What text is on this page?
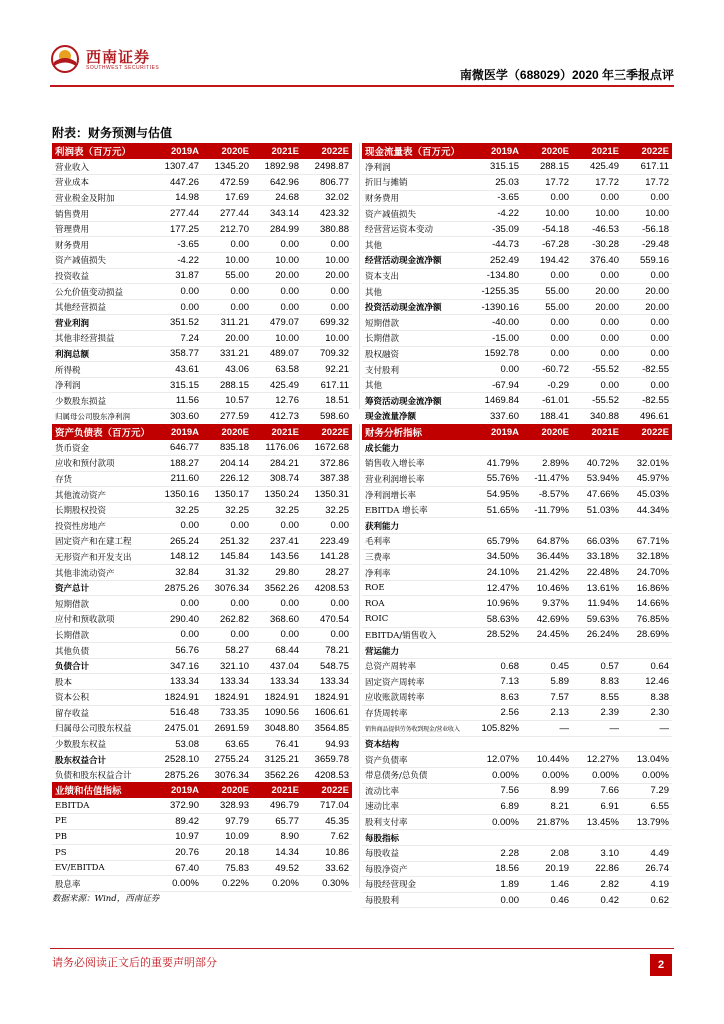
西南证券
SOUTHWEST SECURITIES	南微医学（688029）2020 年三季报点评
附表：财务预测与估值
利润表（百万元）	2019A	2020E	2021E	2022E
营业收入	1307.47	1345.20	1892.98	2498.87
营业成本	447.26	472.59	642.96	806.77
营业税金及附加	14.98	17.69	24.68	32.02
销售费用	277.44	277.44	343.14	423.32
管理费用	177.25	212.70	284.99	380.88
财务费用	-3.65	0.00	0.00	0.00
资产减值损失	-4.22	10.00	10.00	10.00
投资收益	31.87	55.00	20.00	20.00
公允价值变动损益	0.00	0.00	0.00	0.00
其他经营损益	0.00	0.00	0.00	0.00
营业利润	351.52	311.21	479.07	699.32
其他非经营损益	7.24	20.00	10.00	10.00
利润总额	358.77	331.21	489.07	709.32
所得税	43.61	43.06	63.58	92.21
净利润	315.15	288.15	425.49	617.11
少数股东损益	11.56	10.57	12.76	18.51
归属母公司股东净利润	303.60	277.59	412.73	598.60
现金流量表（百万元）	2019A	2020E	2021E	2022E
净利润	315.15	288.15	425.49	617.11
折旧与摊销	25.03	17.72	17.72	17.72
财务费用	-3.65	0.00	0.00	0.00
资产减值损失	-4.22	10.00	10.00	10.00
经营营运资本变动	-35.09	-54.18	-46.53	-56.18
其他	-44.73	-67.28	-30.28	-29.48
经营活动现金流净额	252.49	194.42	376.40	559.16
资本支出	-134.80	0.00	0.00	0.00
其他	-1255.35	55.00	20.00	20.00
投资活动现金流净额	-1390.16	55.00	20.00	20.00
短期借款	-40.00	0.00	0.00	0.00
长期借款	-15.00	0.00	0.00	0.00
股权融资	1592.78	0.00	0.00	0.00
支付股利	0.00	-60.72	-55.52	-82.55
其他	-67.94	-0.29	0.00	0.00
筹资活动现金流净额	1469.84	-61.01	-55.52	-82.55
现金流量净额	337.60	188.41	340.88	496.61
资产负债表（百万元）	2019A	2020E	2021E	2022E
货币资金	646.77	835.18	1176.06	1672.68
应收和预付款项	188.27	204.14	284.21	372.86
存货	211.60	226.12	308.74	387.38
其他流动资产	1350.16	1350.17	1350.24	1350.31
长期股权投资	32.25	32.25	32.25	32.25
投资性房地产	0.00	0.00	0.00	0.00
固定资产和在建工程	265.24	251.32	237.41	223.49
无形资产和开发支出	148.12	145.84	143.56	141.28
其他非流动资产	32.84	31.32	29.80	28.27
资产总计	2875.26	3076.34	3562.26	4208.53
短期借款	0.00	0.00	0.00	0.00
应付和预收款项	290.40	262.82	368.60	470.54
长期借款	0.00	0.00	0.00	0.00
其他负债	56.76	58.27	68.44	78.21
负债合计	347.16	321.10	437.04	548.75
股本	133.34	133.34	133.34	133.34
资本公积	1824.91	1824.91	1824.91	1824.91
留存收益	516.48	733.35	1090.56	1606.61
归属母公司股东权益	2475.01	2691.59	3048.80	3564.85
少数股东权益	53.08	63.65	76.41	94.93
股东权益合计	2528.10	2755.24	3125.21	3659.78
负债和股东权益合计	2875.26	3076.34	3562.26	4208.53
财务分析指标	2019A	2020E	2021E	2022E
成长能力				
销售收入增长率	41.79%	2.89%	40.72%	32.01%
营业利润增长率	55.76%	-11.47%	53.94%	45.97%
净利润增长率	54.95%	-8.57%	47.66%	45.03%
EBITDA 增长率	51.65%	-11.79%	51.03%	44.34%
获利能力				
毛利率	65.79%	64.87%	66.03%	67.71%
三费率	34.50%	36.44%	33.18%	32.18%
净利率	24.10%	21.42%	22.48%	24.70%
ROE	12.47%	10.46%	13.61%	16.86%
ROA	10.96%	9.37%	11.94%	14.66%
ROIC	58.63%	42.69%	59.63%	76.85%
EBITDA/销售收入	28.52%	24.45%	26.24%	28.69%
营运能力				
总资产周转率	0.68	0.45	0.57	0.64
固定资产周转率	7.13	5.89	8.83	12.46
应收账款周转率	8.63	7.57	8.55	8.38
存货周转率	2.56	2.13	2.39	2.30
销售商品提供劳务收到现金/营业收入	105.82%	—	—	—
资本结构				
资产负债率	12.07%	10.44%	12.27%	13.04%
带息债务/总负债	0.00%	0.00%	0.00%	0.00%
流动比率	7.56	8.99	7.66	7.29
速动比率	6.89	8.21	6.91	6.55
股利支付率	0.00%	21.87%	13.45%	13.79%
每股指标				
每股收益	2.28	2.08	3.10	4.49
每股净资产	18.56	20.19	22.86	26.74
每股经营现金	1.89	1.46	2.82	4.19
每股股利	0.00	0.46	0.42	0.62
业绩和估值指标	2019A	2020E	2021E	2022E
EBITDA	372.90	328.93	496.79	717.04
PE	89.42	97.79	65.77	45.35
PB	10.97	10.09	8.90	7.62
PS	20.76	20.18	14.34	10.86
EV/EBITDA	67.40	75.83	49.52	33.62
股息率	0.00%	0.22%	0.20%	0.30%
数据来源：Wind，西南证券
请务必阅读正文后的重要声明部分	2
